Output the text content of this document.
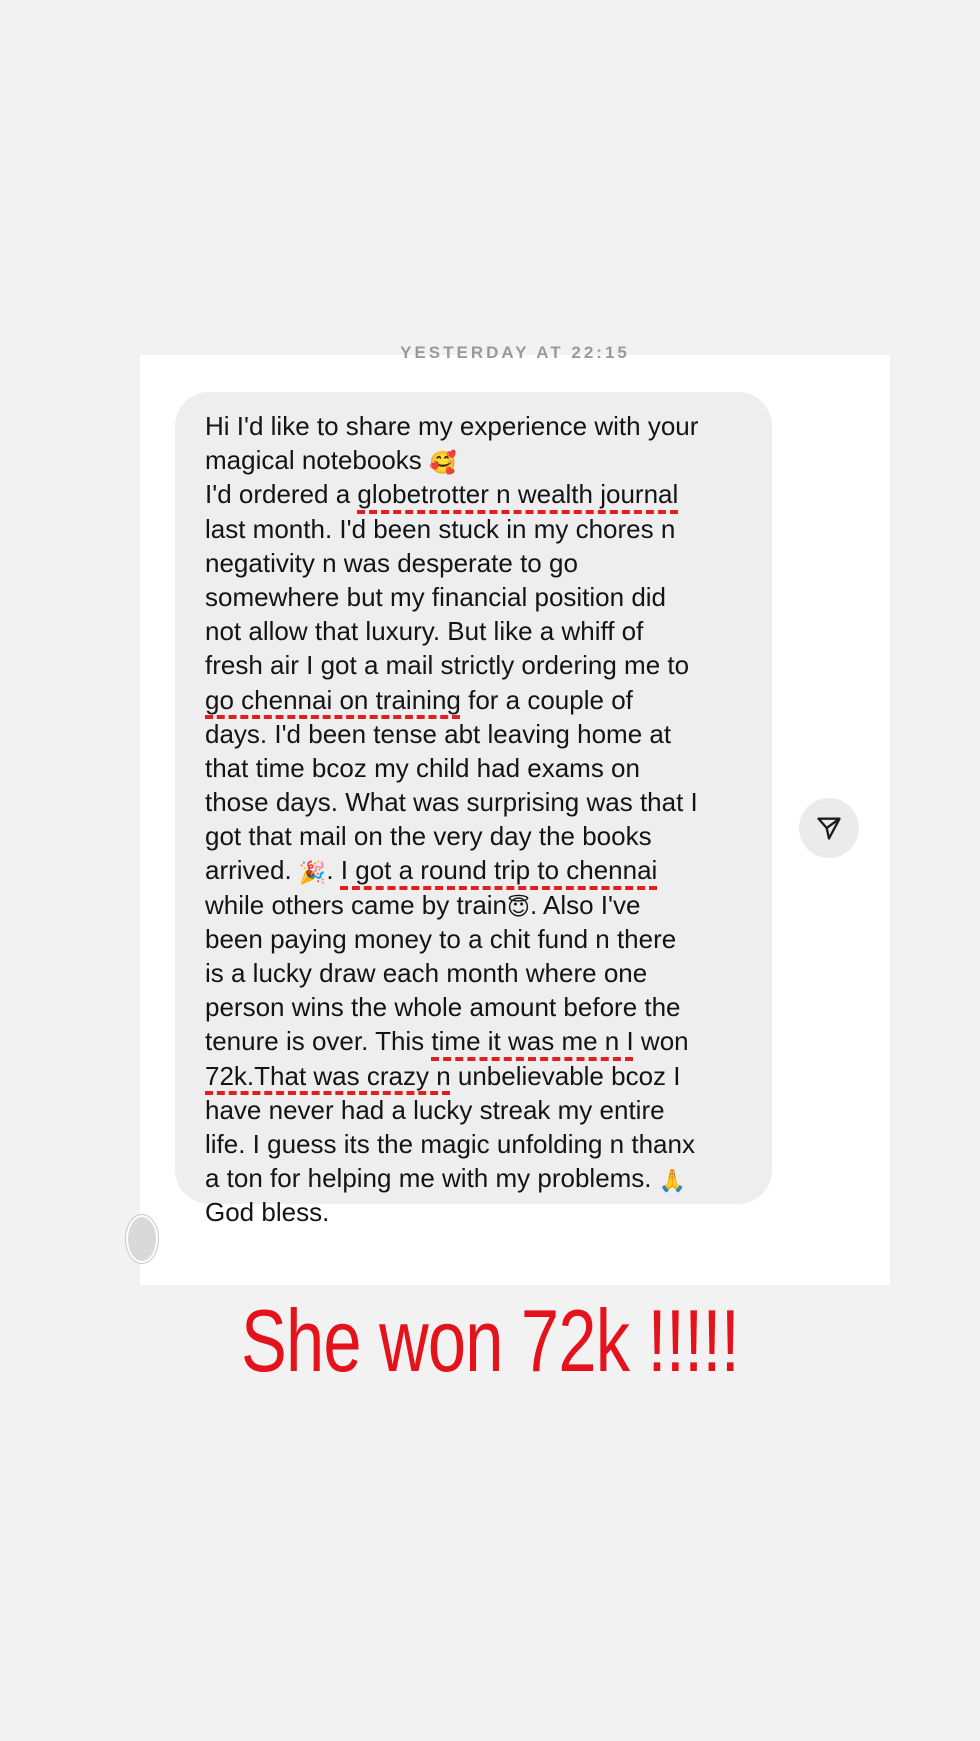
YESTERDAY AT 22:15
Hi I'd like to share my experience with your
magical notebooks 🥰
I'd ordered a globetrotter n wealth journal
last month. I'd been stuck in my chores n
negativity n was desperate to go
somewhere but my financial position did
not allow that luxury. But like a whiff of
fresh air I got a mail strictly ordering me to
go chennai on training for a couple of
days. I'd been tense abt leaving home at
that time bcoz my child had exams on
those days. What was surprising was that I
got that mail on the very day the books
arrived. 🎉. I got a round trip to chennai
while others came by train😇. Also I've
been paying money to a chit fund n there
is a lucky draw each month where one
person wins the whole amount before the
tenure is over. This time it was me n I won
72k.That was crazy n unbelievable bcoz I
have never had a lucky streak my entire
life. I guess its the magic unfolding n thanx
a ton for helping me with my problems. 🙏
God bless.
She won 72k !!!!!
